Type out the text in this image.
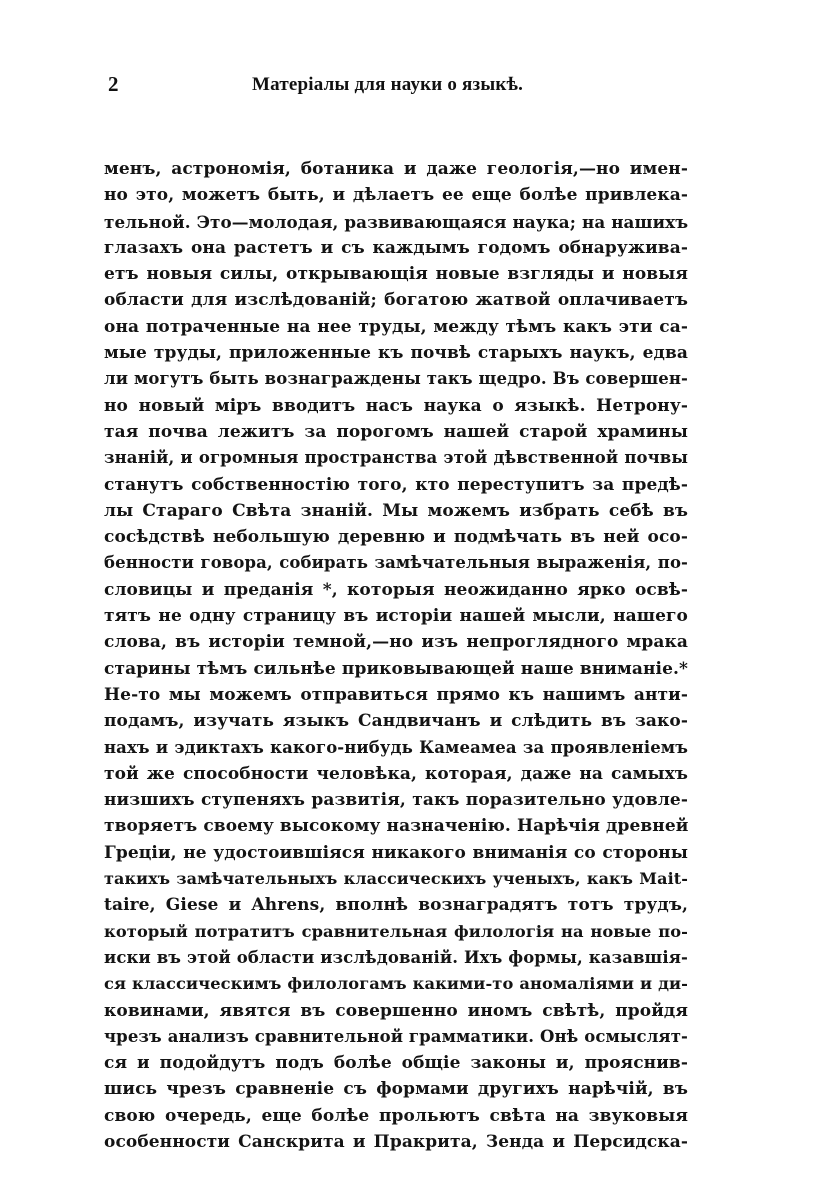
2	Матеріалы для науки о языкѣ.
менъ, астрономія, ботаника и даже геологія,—но имен-
но это, можетъ быть, и дѣлаетъ ее еще болѣе привлека-
тельной. Это—молодая, развивающаяся наука; на нашихъ
глазахъ она растетъ и съ каждымъ годомъ обнаружива-
етъ новыя силы, открывающія новые взгляды и новыя
области для изслѣдованій; богатою жатвой оплачиваетъ
она потраченные на нее труды, между тѣмъ какъ эти са-
мые труды, приложенные къ почвѣ старыхъ наукъ, едва
ли могутъ быть вознаграждены такъ щедро. Въ совершен-
но новый міръ вводитъ насъ наука о языкѣ. Нетрону-
тая почва лежитъ за порогомъ нашей старой храмины
знаній, и огромныя пространства этой дѣвственной почвы
станутъ собственностію того, кто переступитъ за предѣ-
лы Стараго Свѣта знаній. Мы можемъ избрать себѣ въ
сосѣдствѣ небольшую деревню и подмѣчать въ ней осо-
бенности говора, собирать замѣчательныя выраженія, по-
словицы и преданія *, которыя неожиданно ярко освѣ-
тятъ не одну страницу въ исторіи нашей мысли, нашего
слова, въ исторіи темной,—но изъ непроглядного мрака
старины тѣмъ сильнѣе приковывающей наше вниманіе.*
Не-то мы можемъ отправиться прямо къ нашимъ анти-
подамъ, изучать языкъ Сандвичанъ и слѣдить въ зако-
нахъ и эдиктахъ какого-нибудь Камеамеа за проявленіемъ
той же способности человѣка, которая, даже на самыхъ
низшихъ ступеняхъ развитія, такъ поразительно удовле-
творяетъ своему высокому назначенію. Нарѣчія древней
Греціи, не удостоившіяся никакого вниманія со стороны
такихъ замѣчательныхъ классическихъ ученыхъ, какъ Mait-
taire, Giese и Ahrens, вполнѣ вознаградятъ тотъ трудъ,
который потратитъ сравнительная филологія на новые по-
иски въ этой области изслѣдованій. Ихъ формы, казавшія-
ся классическимъ филологамъ какими-то аномаліями и ди-
ковинами, явятся въ совершенно иномъ свѣтѣ, пройдя
чрезъ анализъ сравнительной грамматики. Онѣ осмыслят-
ся и подойдутъ подъ болѣе общіе законы и, прояснив-
шись чрезъ сравненіе съ формами другихъ нарѣчій, въ
свою очередь, еще болѣе прольютъ свѣта на звуковыя
особенности Санскрита и Пракрита, Зенда и Персидска-
